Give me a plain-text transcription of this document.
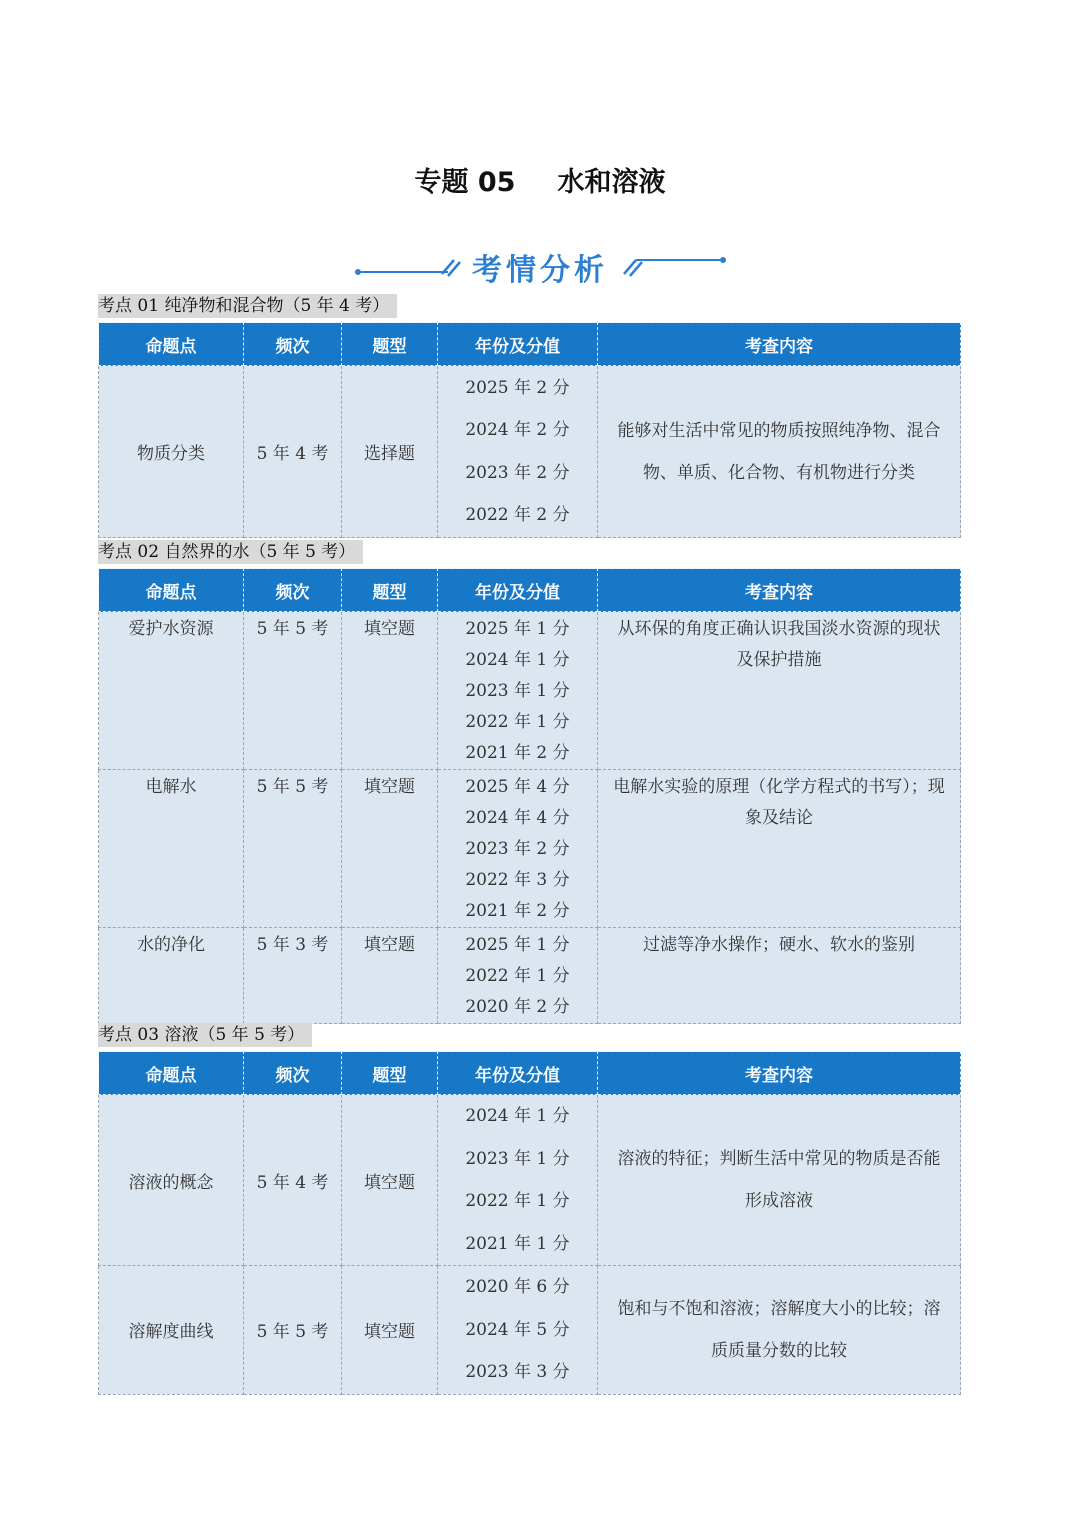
专题 05 水和溶液
考情分析
考点 01 纯净物和混合物（5 年 4 考）
命题点	频次	题型	年份及分值	考查内容
物质分类	5 年 4 考	选择题	2025 年 2 分
2024 年 2 分
2023 年 2 分
2022 年 2 分	能够对生活中常见的物质按照纯净物、混合物、单质、化合物、有机物进行分类
考点 02 自然界的水（5 年 5 考）
命题点	频次	题型	年份及分值	考查内容

爱护水资源	5 年 5 考	填空题	2025 年 1 分
2024 年 1 分
2023 年 1 分
2022 年 1 分
2021 年 2 分	从环保的角度正确认识我国淡水资源的现状及保护措施

电解水	5 年 5 考	填空题	2025 年 4 分
2024 年 4 分
2023 年 2 分
2022 年 3 分
2021 年 2 分	电解水实验的原理（化学方程式的书写）；现象及结论

水的净化	5 年 3 考	填空题	2025 年 1 分
2022 年 1 分
2020 年 2 分	过滤等净水操作；硬水、软水的鉴别
考点 03 溶液（5 年 5 考）
命题点	频次	题型	年份及分值	考查内容
溶液的概念	5 年 4 考	填空题	2024 年 1 分
2023 年 1 分
2022 年 1 分
2021 年 1 分	溶液的特征；判断生活中常见的物质是否能形成溶液

溶解度曲线	5 年 5 考	填空题	2020 年 6 分
2024 年 5 分
2023 年 3 分	饱和与不饱和溶液；溶解度大小的比较；溶质质量分数的比较
